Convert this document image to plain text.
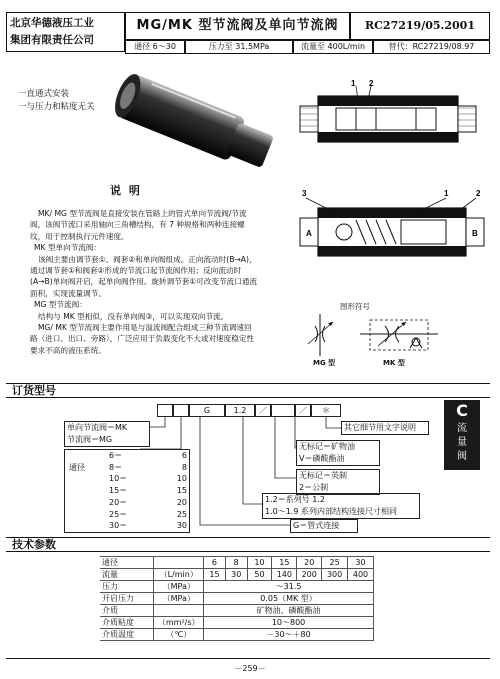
北京华德液压工业
集团有限责任公司
MG/MK 型节流阀及单向节流阀	RC27219/05.2001
通径 6～30	压力至 31.5MPa	流量至 400L/min	替代：RC27219/08.97
一直通式安装
一与压力和粘度无关
1 2
3	1	2
A	B
说 明
MK/ MG 型节流阀是直接安装在管路上的管式单向节流阀/节流阀，该阀节流口采用轴向三角槽结构，有 7 种规格和两种连接螺纹，用于控制执行元件速度。
MK 型单向节流阀：
该阀主要由调节套①、阀套②和单向阀组成。正向流动时(B→A)，通过调节套①和阀套②形成的节流口起节流阀作用；反向流动时(A→B)单向阀开启，起单向阀作用。旋转调节套①可改变节流口通流面积，实现流量调节。
MG 型节流阀：
结构与 MK 型相似，没有单向阀③，可以实现双向节流。
MG/ MK 型节流阀主要作用是与溢流阀配合组成三种节流调速回路（进口、出口、旁路），广泛应用于负载变化不大或对速度稳定性要求不高的液压系统。
图形符号
MG 型	MK 型
订货型号
C
流
量
阀
G	1.2	／	／	＊
单向节流阀＝MK
节流阀＝MG
通径
6＝	6
8＝	8
10＝	10
15＝	15
20＝	20
25＝	25
30＝	30
其它细节用文字说明
无标记＝矿物油
V＝磷酸酯油
无标记＝英制
2＝公制
1.2＝系列号 1.2
1.0～1.9 系列内部结构连接尺寸相同
G＝管式连接
技术参数
通径		6	8	10	15	20	25	30
流量	（L/min）	15	30	50	140	200	300	400
压力	（MPa）	～31.5						
开启压力	（MPa）	0.05（MK 型）						
介质		矿物油、磷酸酯油						
介质粘度	（mm²/s）	10～800						
介质温度	（℃）	－30～＋80						
－259－
